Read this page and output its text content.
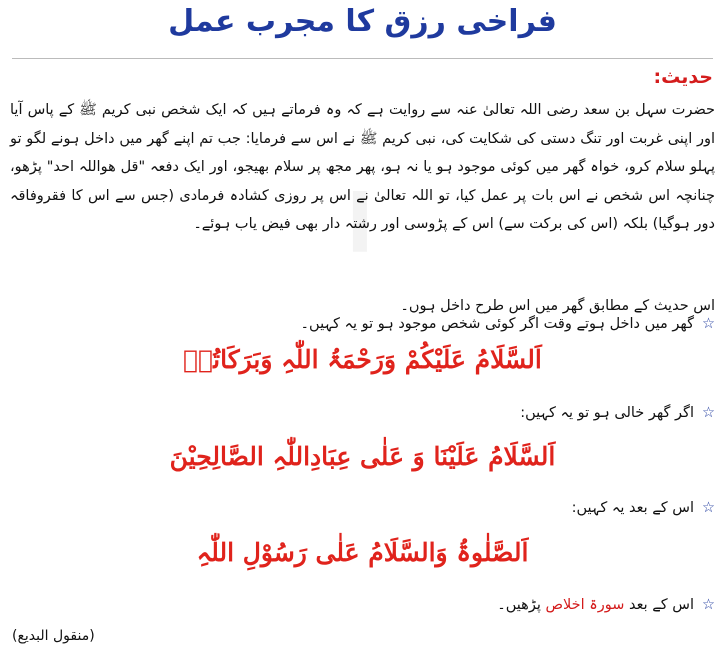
ا
فراخی رزق کا مجرب عمل
حدیث:
حضرت سہل بن سعد رضی اللہ تعالیٰ عنہ سے روایت ہے کہ وہ فرماتے ہیں کہ ایک شخص نبی کریم ﷺ کے پاس آیا اور اپنی غربت اور تنگ دستی کی شکایت کی، نبی کریم ﷺ نے اس سے فرمایا: جب تم اپنے گھر میں داخل ہونے لگو تو پہلو سلام کرو، خواہ گھر میں کوئی موجود ہو یا نہ ہو، پھر مجھ پر سلام بھیجو، اور ایک دفعہ "قل ھواللہ احد" پڑھو، چنانچہ اس شخص نے اس بات پر عمل کیا، تو اللہ تعالیٰ نے اس پر روزی کشادہ فرمادی (جس سے اس کا فقروفاقہ دور ہوگیا) بلکہ (اس کی برکت سے) اس کے پڑوسی اور رشتہ دار بھی فیض یاب ہوئے۔
اس حدیث کے مطابق گھر میں اس طرح داخل ہوں۔
☆گھر میں داخل ہوتے وقت اگر کوئی شخص موجود ہو تو یہ کہیں۔
اَلسَّلَامُ عَلَیْکُمْ وَرَحْمَۃُ اللّٰہِ وَبَرَکَاتُہٗ
☆اگر گھر خالی ہو تو یہ کہیں:
اَلسَّلَامُ عَلَیْنَا وَ عَلٰی عِبَادِاللّٰہِ الصَّالِحِیْنَ
☆اس کے بعد یہ کہیں:
اَلصَّلٰوۃُ وَالسَّلَامُ عَلٰی رَسُوْلِ اللّٰہِ
☆اس کے بعد سورۃ اخلاص پڑھیں۔
(منقول البدیع)
